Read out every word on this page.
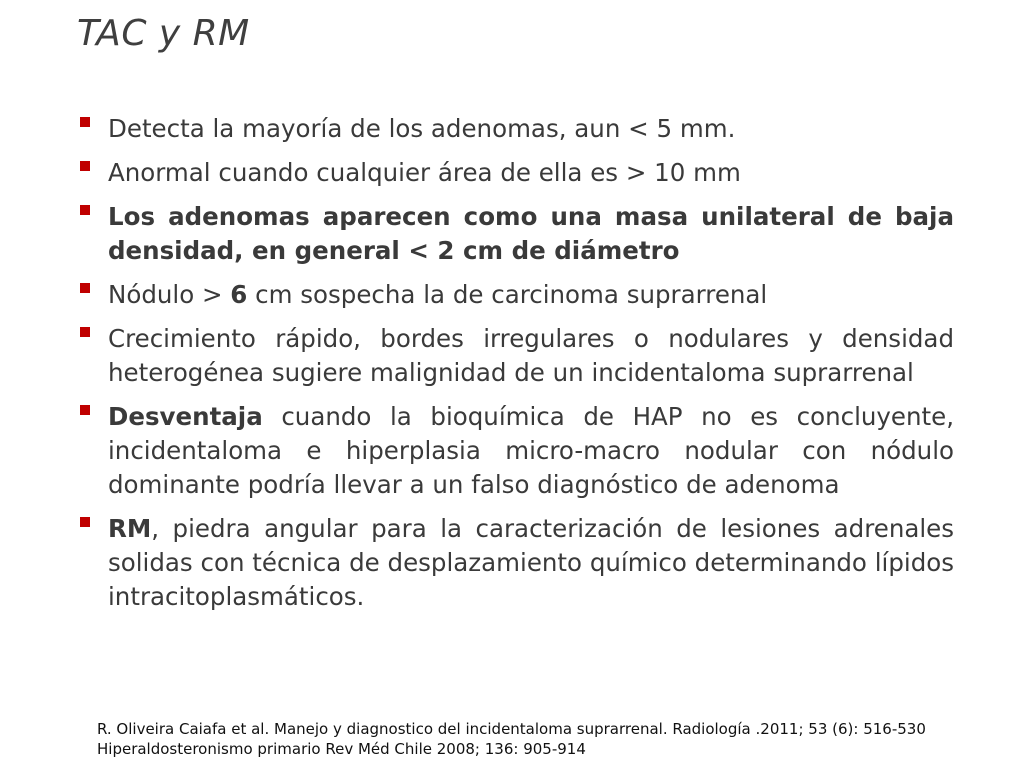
TAC y RM
Detecta la mayoría de los adenomas, aun < 5 mm.
Anormal cuando cualquier área de ella es > 10 mm
Los adenomas aparecen como una masa unilateral de baja densidad, en general < 2 cm de diámetro
Nódulo > 6 cm sospecha la de carcinoma suprarrenal
Crecimiento rápido, bordes irregulares o nodulares y densidad heterogénea sugiere malignidad de un incidentaloma suprarrenal
Desventaja cuando la bioquímica de HAP no es concluyente, incidentaloma e hiperplasia micro-macro nodular con nódulo dominante podría llevar a un falso diagnóstico de adenoma
RM, piedra angular para la caracterización de lesiones adrenales solidas con técnica de desplazamiento químico determinando lípidos intracitoplasmáticos.
R. Oliveira Caiafa et al. Manejo y diagnostico del incidentaloma suprarrenal. Radiología .2011; 53 (6): 516-530
Hiperaldosteronismo primario Rev Méd Chile 2008; 136: 905-914
